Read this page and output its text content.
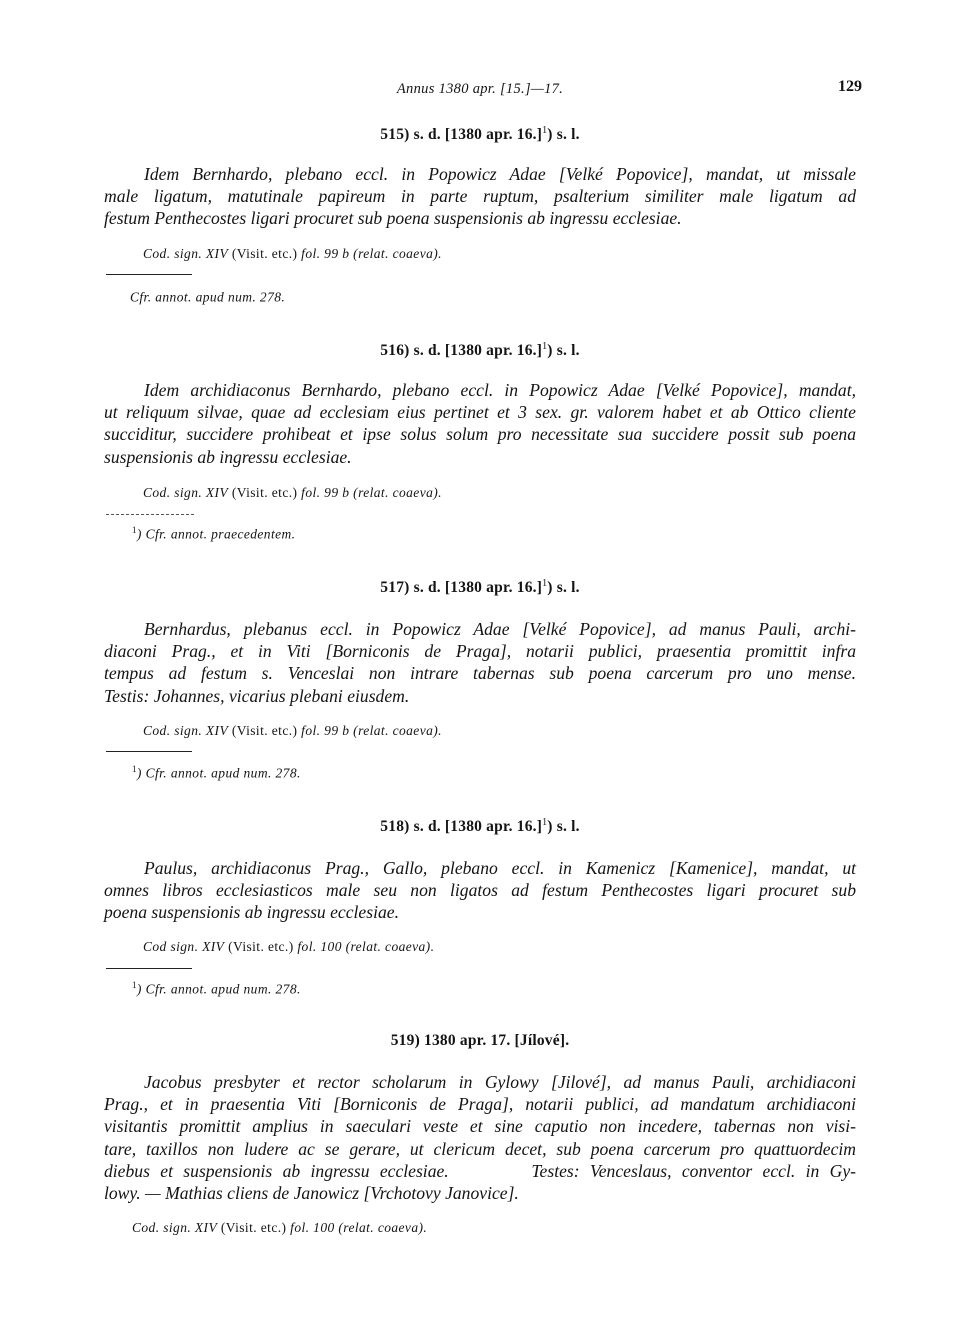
Annus 1380 apr. [15.]—17.	129
515) s. d. [1380 apr. 16.]$^1$) s. l.

Idem Bernhardo, plebano eccl. in Popowicz Adae [Velké Popovice], mandat, ut missale
male ligatum, matutinale papireum in parte ruptum, psalterium similiter male ligatum ad
festum Penthecostes ligari procuret sub poena suspensionis ab ingressu ecclesiae.

Cod. sign. XIV (Visit. etc.) fol. 99 b (relat. coaeva).
Cfr. annot. apud num. 278.
516) s. d. [1380 apr. 16.]$^1$) s. l.

Idem archidiaconus Bernhardo, plebano eccl. in Popowicz Adae [Velké Popovice], mandat,
ut reliquum silvae, quae ad ecclesiam eius pertinet et 3 sex. gr. valorem habet et ab Ottico cliente
succiditur, succidere prohibeat et ipse solus solum pro necessitate sua succidere possit sub poena
suspensionis ab ingressu ecclesiae.

Cod. sign. XIV (Visit. etc.) fol. 99 b (relat. coaeva).
$^1$) Cfr. annot. praecedentem.
517) s. d. [1380 apr. 16.]$^1$) s. l.

Bernhardus, plebanus eccl. in Popowicz Adae [Velké Popovice], ad manus Pauli, archi-
diaconi Prag., et in Viti [Borniconis de Praga], notarii publici, praesentia promittit infra
tempus ad festum s. Venceslai non intrare tabernas sub poena carcerum pro uno mense.
Testis: Johannes, vicarius plebani eiusdem.

Cod. sign. XIV (Visit. etc.) fol. 99 b (relat. coaeva).
$^1$) Cfr. annot. apud num. 278.
518) s. d. [1380 apr. 16.]$^1$) s. l.

Paulus, archidiaconus Prag., Gallo, plebano eccl. in Kamenicz [Kamenice], mandat, ut
omnes libros ecclesiasticos male seu non ligatos ad festum Penthecostes ligari procuret sub
poena suspensionis ab ingressu ecclesiae.

Cod sign. XIV (Visit. etc.) fol. 100 (relat. coaeva).
$^1$) Cfr. annot. apud num. 278.
519) 1380 apr. 17. [Jílové].

Jacobus presbyter et rector scholarum in Gylowy [Jilové], ad manus Pauli, archidiaconi
Prag., et in praesentia Viti [Borniconis de Praga], notarii publici, ad mandatum archidiaconi
visitantis promittit amplius in saeculari veste et sine caputio non incedere, tabernas non visi-
tare, taxillos non ludere ac se gerare, ut clericum decet, sub poena carcerum pro quattuordecim
diebus et suspensionis ab ingressu ecclesiae.        Testes: Venceslaus, conventor eccl. in Gy-
lowy. — Mathias cliens de Janowicz [Vrchotovy Janovice].

Cod. sign. XIV (Visit. etc.) fol. 100 (relat. coaeva).
